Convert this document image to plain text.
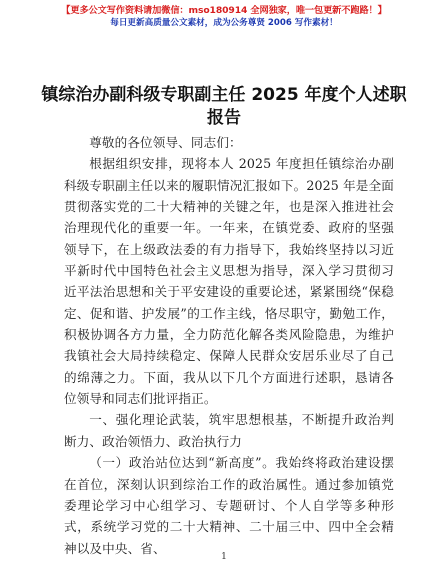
【更多公文写作资料请加微信：mso180914 全网独家，唯一包更新不跑路！】
每日更新高质量公文素材，成为公务尊贤 2006 写作素材！
镇综治办副科级专职副主任 2025 年度个人述职
报告

尊敬的各位领导、同志们：

根据组织安排，现将本人 2025 年度担任镇综治办副科级专职副主任以来的履职情况汇报如下。2025 年是全面贯彻落实党的二十大精神的关键之年，也是深入推进社会治理现代化的重要一年。一年来，在镇党委、政府的坚强领导下，在上级政法委的有力指导下，我始终坚持以习近平新时代中国特色社会主义思想为指导，深入学习贯彻习近平法治思想和关于平安建设的重要论述，紧紧围绕“保稳定、促和谐、护发展”的工作主线，恪尽职守，勤勉工作，积极协调各方力量，全力防范化解各类风险隐患，为维护我镇社会大局持续稳定、保障人民群众安居乐业尽了自己的绵薄之力。下面，我从以下几个方面进行述职，恳请各位领导和同志们批评指正。

一、强化理论武装，筑牢思想根基，不断提升政治判断力、政治领悟力、政治执行力

（一）政治站位达到“新高度”。我始终将政治建设摆在首位，深刻认识到综治工作的政治属性。通过参加镇党委理论学习中心组学习、专题研讨、个人自学等多种形式，系统学习党的二十大精神、二十届三中、四中全会精神以及中央、省、

1
